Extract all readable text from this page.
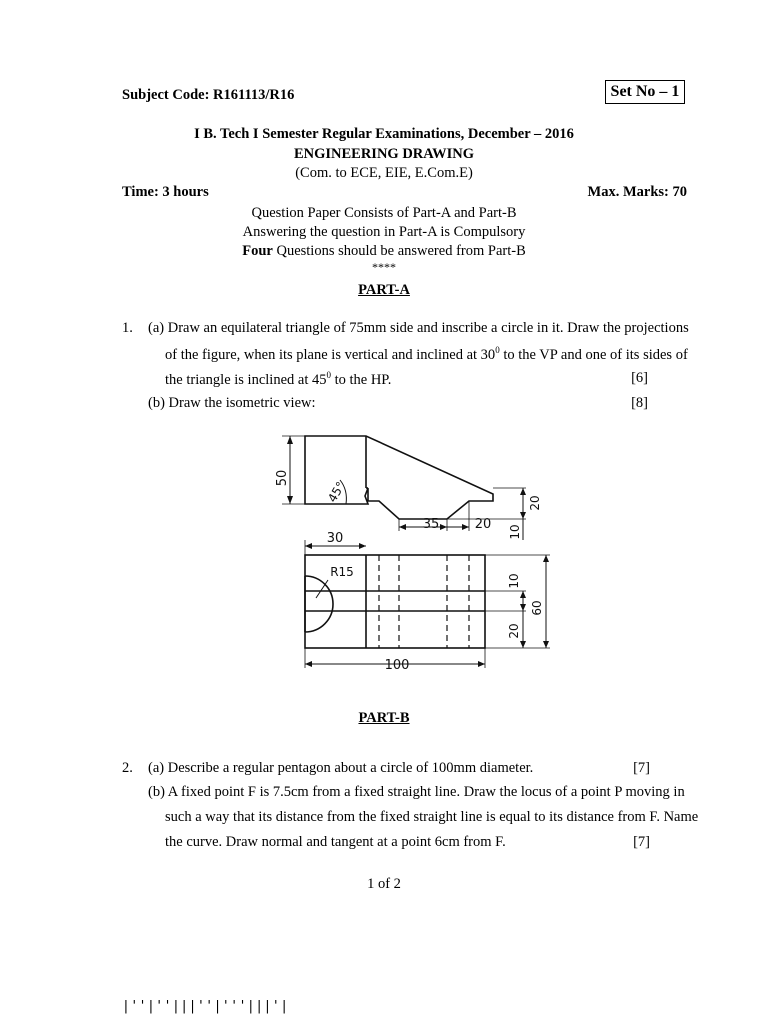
Subject Code: R161113/R16	Set No – 1
I B. Tech I Semester Regular Examinations, December – 2016
ENGINEERING DRAWING
(Com. to ECE, EIE, E.Com.E)
Time: 3 hours	Max. Marks: 70
Question Paper Consists of Part-A and Part-B
Answering the question in Part-A is Compulsory
Four Questions should be answered from Part-B
****
PART-A
1. (a) Draw an equilateral triangle of 75mm side and inscribe a circle in it. Draw the projections
of the figure, when its plane is vertical and inclined at $30^0$ to the VP and one of its sides of
the triangle is inclined at $45^0$ to the HP.	[6]
(b) Draw the isometric view:	[8]
50
45°
35	20
20
10
30
R15
10
60
20
100
PART-B
2. (a) Describe a regular pentagon about a circle of 100mm diameter.	[7]
(b) A fixed point F is 7.5cm from a fixed straight line. Draw the locus of a point P moving in
such a way that its distance from the fixed straight line is equal to its distance from F. Name
the curve. Draw normal and tangent at a point 6cm from F.	[7]
1 of 2
|''|''|||''|'''|||'|
